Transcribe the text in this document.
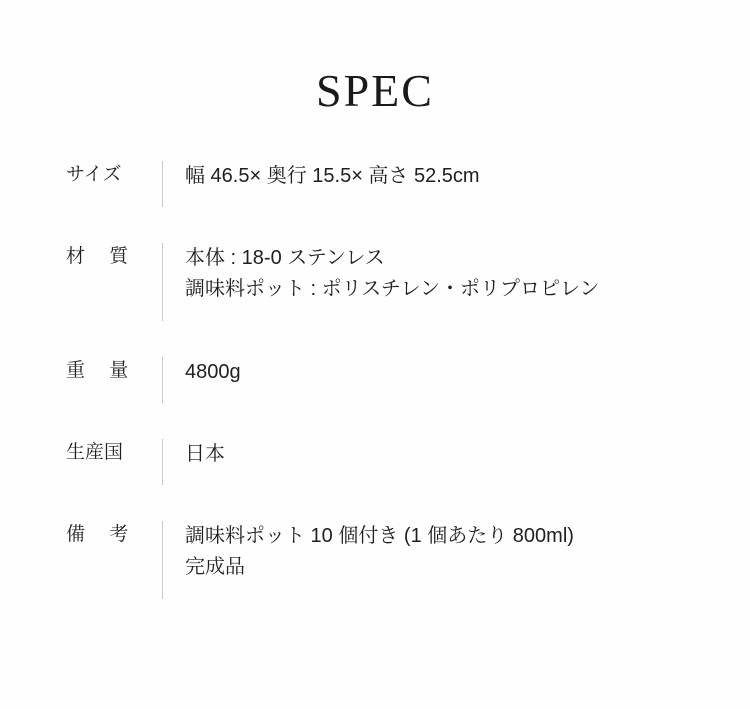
SPEC
サイズ	幅 46.5× 奥行 15.5× 高さ 52.5cm
材　 質	本体 : 18-0 ステンレス
調味料ポット : ポリスチレン・ポリプロピレン
重　 量	4800g
生産国	日本
備　 考	調味料ポット 10 個付き (1 個あたり 800ml)
完成品
